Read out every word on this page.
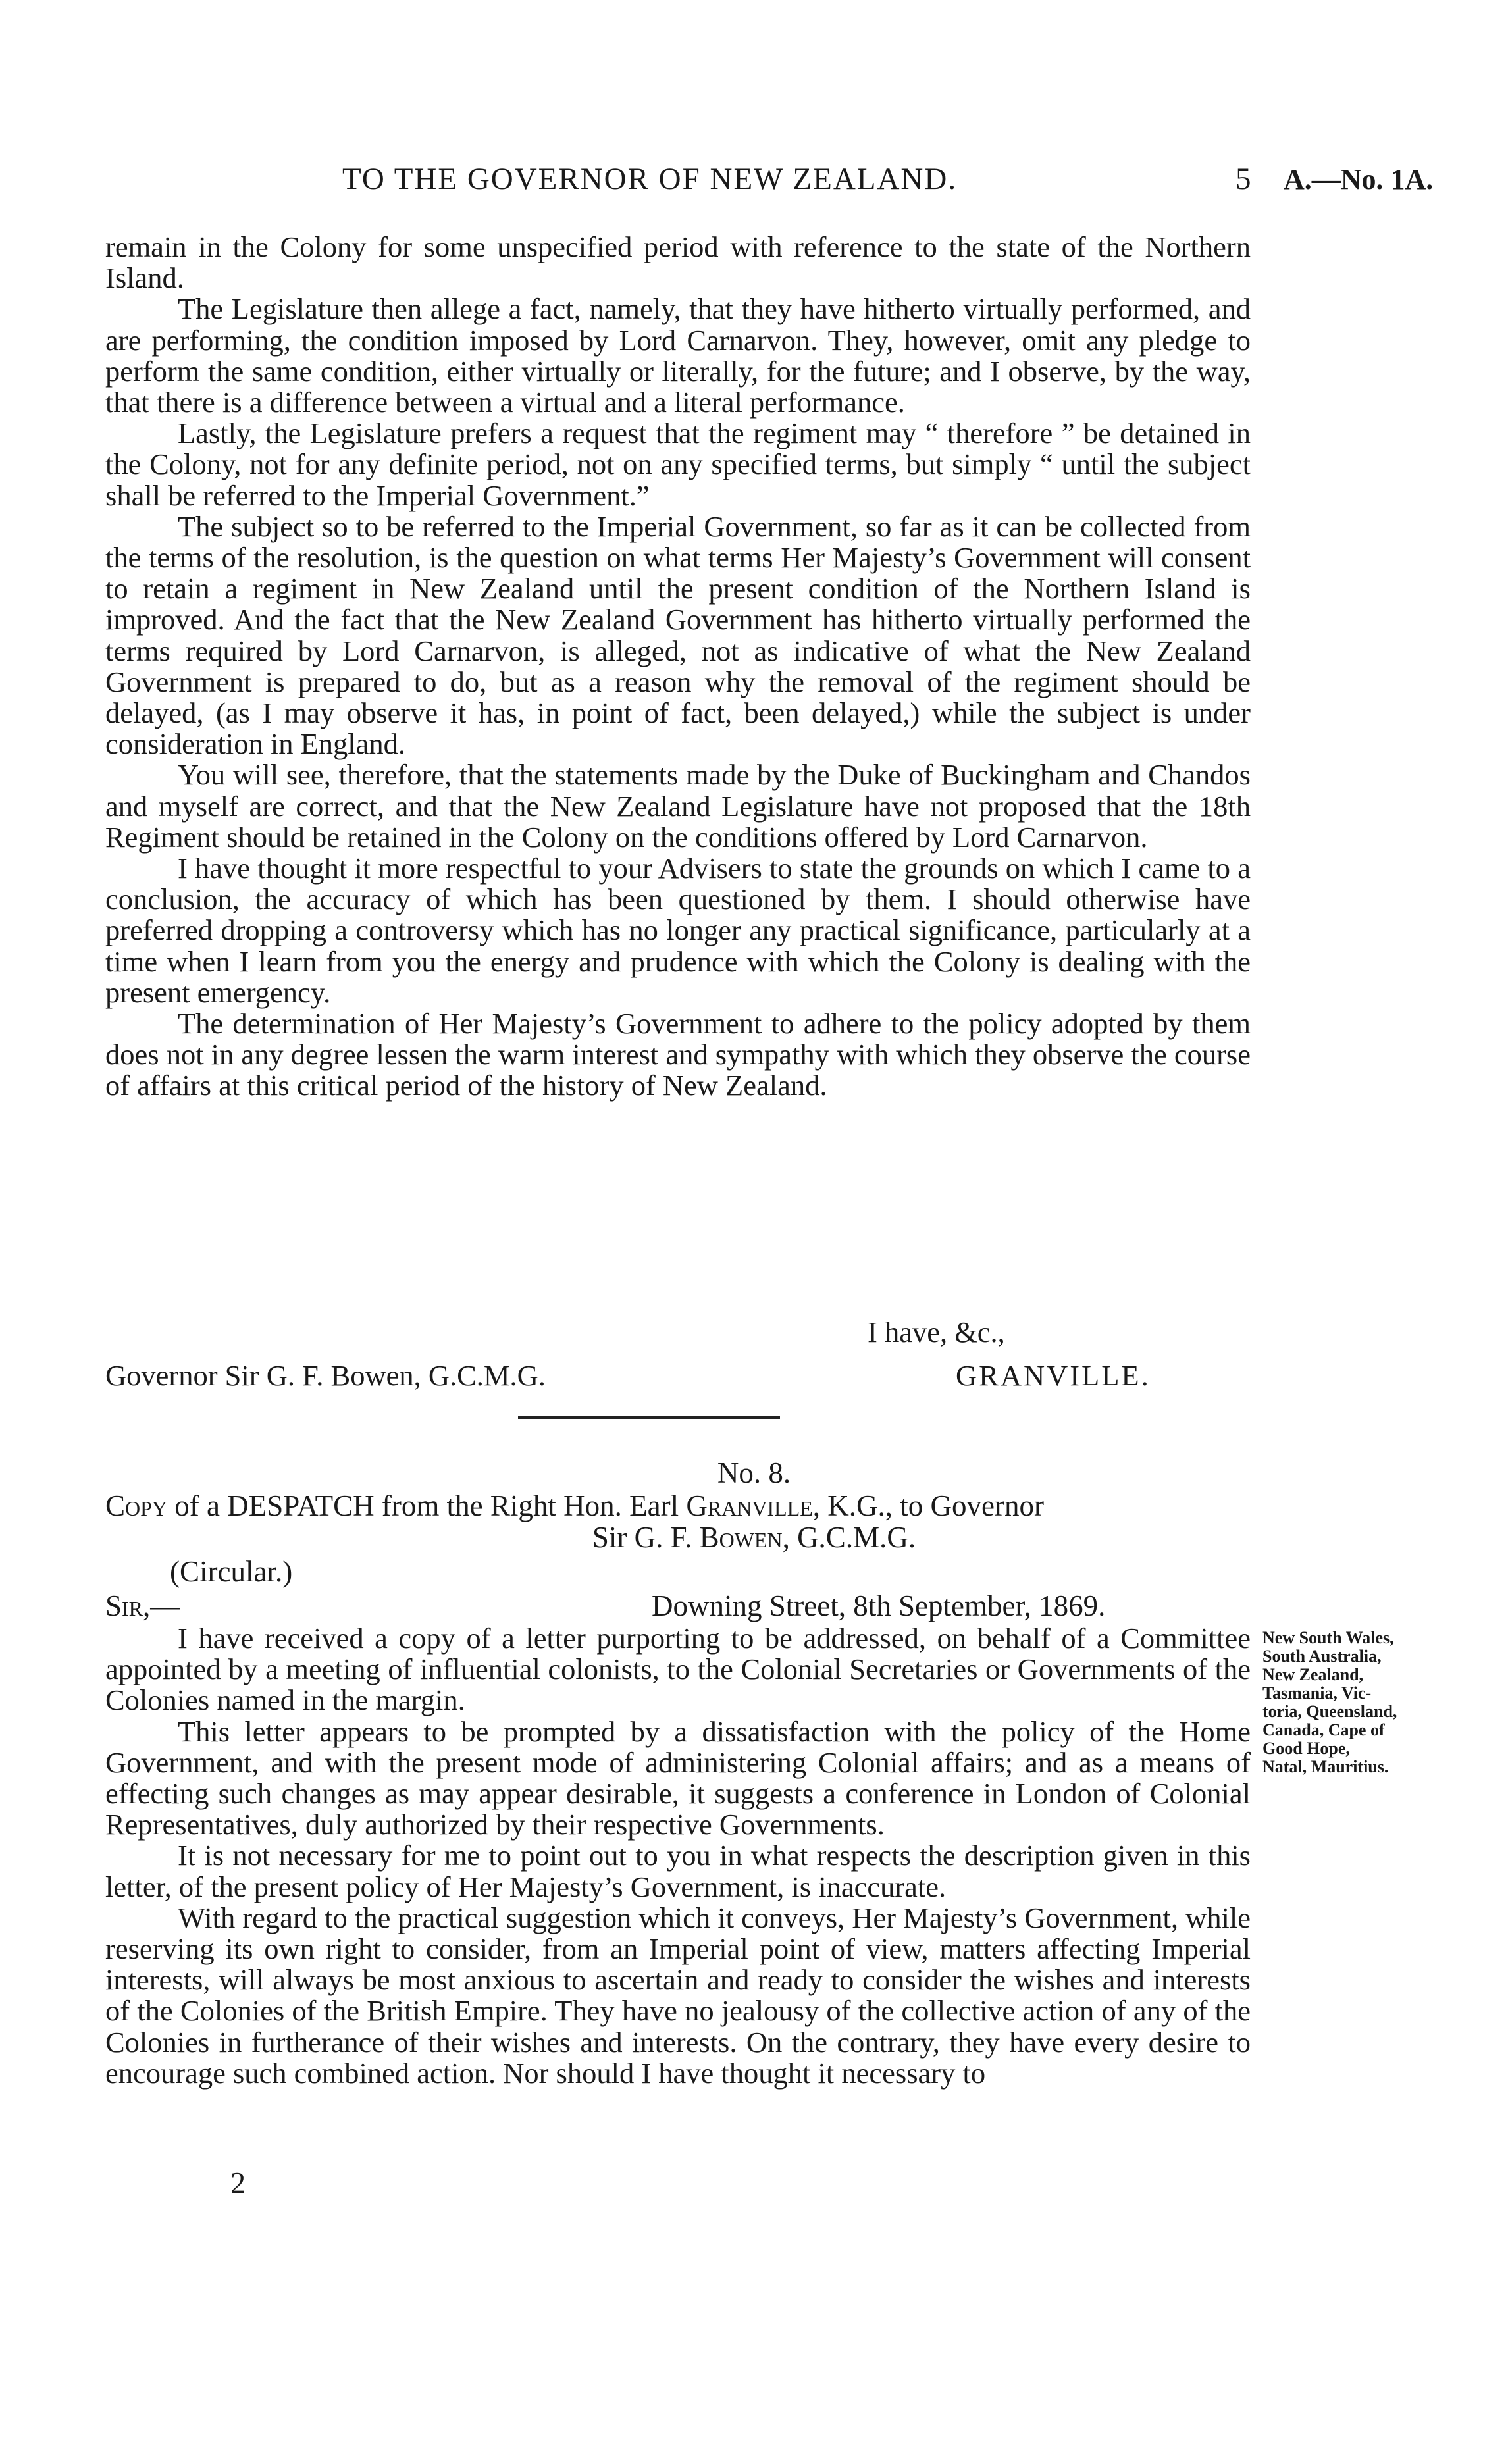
TO THE GOVERNOR OF NEW ZEALAND.	5 A.—No. 1A.

remain in the Colony for some unspecified period with reference to the state of the Northern Island.

The Legislature then allege a fact, namely, that they have hitherto virtually performed, and are performing, the condition imposed by Lord Carnarvon. They, however, omit any pledge to perform the same condition, either virtually or literally, for the future; and I observe, by the way, that there is a difference between a virtual and a literal performance.

Lastly, the Legislature prefers a request that the regiment may “ therefore ” be detained in the Colony, not for any definite period, not on any specified terms, but simply “ until the subject shall be referred to the Imperial Government.”

The subject so to be referred to the Imperial Government, so far as it can be collected from the terms of the resolution, is the question on what terms Her Majesty’s Government will consent to retain a regiment in New Zealand until the present condition of the Northern Island is improved. And the fact that the New Zealand Government has hitherto virtually performed the terms required by Lord Carnarvon, is alleged, not as indicative of what the New Zealand Government is prepared to do, but as a reason why the removal of the regiment should be delayed, (as I may observe it has, in point of fact, been delayed,) while the subject is under consideration in England.

You will see, therefore, that the statements made by the Duke of Buckingham and Chandos and myself are correct, and that the New Zealand Legislature have not proposed that the 18th Regiment should be retained in the Colony on the conditions offered by Lord Carnarvon.

I have thought it more respectful to your Advisers to state the grounds on which I came to a conclusion, the accuracy of which has been questioned by them. I should otherwise have preferred dropping a controversy which has no longer any practical significance, particularly at a time when I learn from you the energy and prudence with which the Colony is dealing with the present emergency.

The determination of Her Majesty’s Government to adhere to the policy adopted by them does not in any degree lessen the warm interest and sympathy with which they observe the course of affairs at this critical period of the history of New Zealand.

I have, &c.,
Governor Sir G. F. Bowen, G.C.M.G.	GRANVILLE.
No. 8.
Copy of a DESPATCH from the Right Hon. Earl Granville, K.G., to Governor
Sir G. F. Bowen, G.C.M.G.
(Circular.)
Sir,—	Downing Street, 8th September, 1869.

I have received a copy of a letter purporting to be addressed, on behalf of a Committee appointed by a meeting of influential colonists, to the Colonial Secretaries or Governments of the Colonies named in the margin.

This letter appears to be prompted by a dissatisfaction with the policy of the Home Government, and with the present mode of administering Colonial affairs; and as a means of effecting such changes as may appear desirable, it suggests a conference in London of Colonial Representatives, duly authorized by their respective Governments.

It is not necessary for me to point out to you in what respects the description given in this letter, of the present policy of Her Majesty’s Government, is inaccurate.

With regard to the practical suggestion which it conveys, Her Majesty’s Government, while reserving its own right to consider, from an Imperial point of view, matters affecting Imperial interests, will always be most anxious to ascertain and ready to consider the wishes and interests of the Colonies of the British Empire. They have no jealousy of the collective action of any of the Colonies in furtherance of their wishes and interests. On the contrary, they have every desire to encourage such combined action. Nor should I have thought it necessary to

New South Wales,
South Australia,
New Zealand,
Tasmania, Vic-
toria, Queensland,
Canada, Cape of
Good Hope,
Natal, Mauritius.
2
